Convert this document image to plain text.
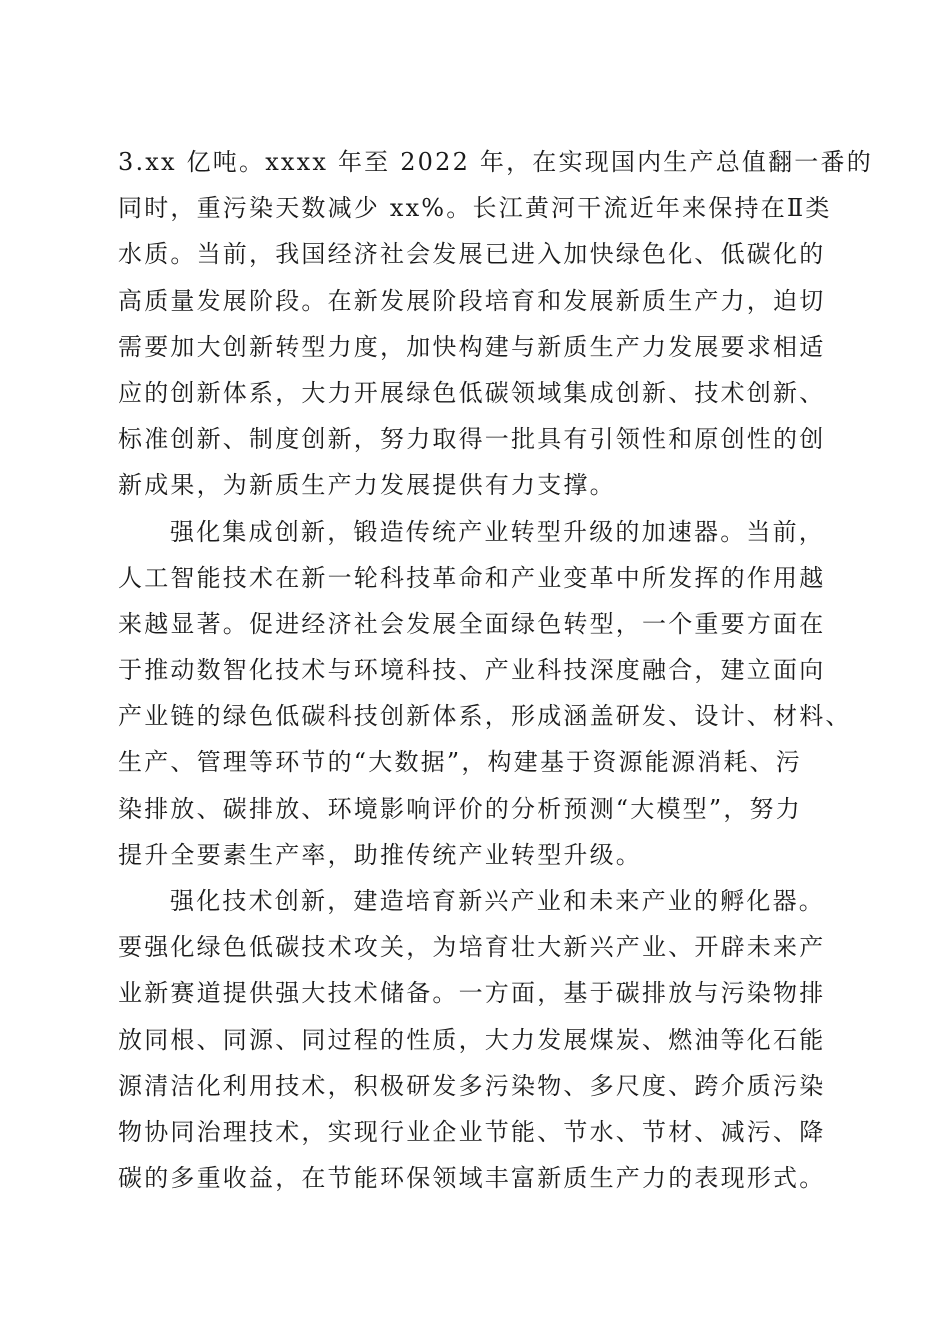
3.xx 亿吨。xxxx 年至 2022 年，在实现国内生产总值翻一番的
同时，重污染天数减少 xx%。长江黄河干流近年来保持在Ⅱ类
水质。当前，我国经济社会发展已进入加快绿色化、低碳化的
高质量发展阶段。在新发展阶段培育和发展新质生产力，迫切
需要加大创新转型力度，加快构建与新质生产力发展要求相适
应的创新体系，大力开展绿色低碳领域集成创新、技术创新、
标准创新、制度创新，努力取得一批具有引领性和原创性的创
新成果，为新质生产力发展提供有力支撑。
强化集成创新，锻造传统产业转型升级的加速器。当前，
人工智能技术在新一轮科技革命和产业变革中所发挥的作用越
来越显著。促进经济社会发展全面绿色转型，一个重要方面在
于推动数智化技术与环境科技、产业科技深度融合，建立面向
产业链的绿色低碳科技创新体系，形成涵盖研发、设计、材料、
生产、管理等环节的“大数据”，构建基于资源能源消耗、污
染排放、碳排放、环境影响评价的分析预测“大模型”，努力
提升全要素生产率，助推传统产业转型升级。
强化技术创新，建造培育新兴产业和未来产业的孵化器。
要强化绿色低碳技术攻关，为培育壮大新兴产业、开辟未来产
业新赛道提供强大技术储备。一方面，基于碳排放与污染物排
放同根、同源、同过程的性质，大力发展煤炭、燃油等化石能
源清洁化利用技术，积极研发多污染物、多尺度、跨介质污染
物协同治理技术，实现行业企业节能、节水、节材、减污、降
碳的多重收益，在节能环保领域丰富新质生产力的表现形式。
